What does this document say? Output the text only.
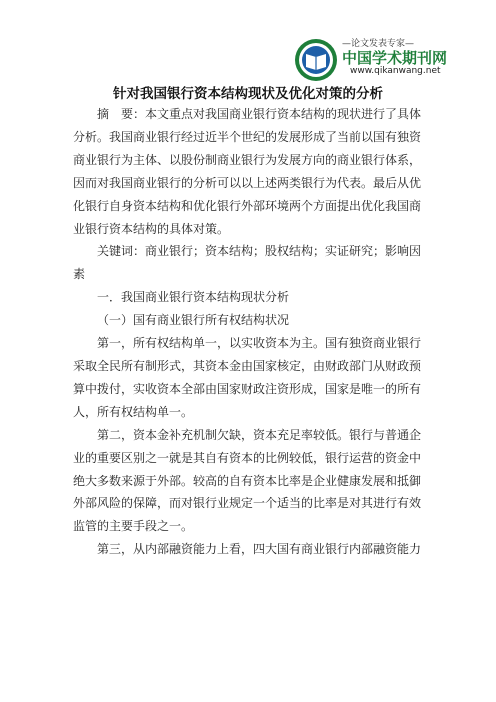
—论文发表专家—
中国学术期刊网
www.qikanwang.net
针对我国银行资本结构现状及优化对策的分析

摘　要：本文重点对我国商业银行资本结构的现状进行了具体分析。我国商业银行经过近半个世纪的发展形成了当前以国有独资商业银行为主体、以股份制商业银行为发展方向的商业银行体系，因而对我国商业银行的分析可以以上述两类银行为代表。最后从优化银行自身资本结构和优化银行外部环境两个方面提出优化我国商业银行资本结构的具体对策。

关键词：商业银行；资本结构；股权结构；实证研究；影响因素

一．我国商业银行资本结构现状分析

（一）国有商业银行所有权结构状况

第一，所有权结构单一，以实收资本为主。国有独资商业银行采取全民所有制形式，其资本金由国家核定，由财政部门从财政预算中拨付，实收资本全部由国家财政注资形成，国家是唯一的所有人，所有权结构单一。

第二，资本金补充机制欠缺，资本充足率较低。银行与普通企业的重要区别之一就是其自有资本的比例较低，银行运营的资金中绝大多数来源于外部。较高的自有资本比率是企业健康发展和抵御外部风险的保障，而对银行业规定一个适当的比率是对其进行有效监管的主要手段之一。

第三，从内部融资能力上看，四大国有商业银行内部融资能力
